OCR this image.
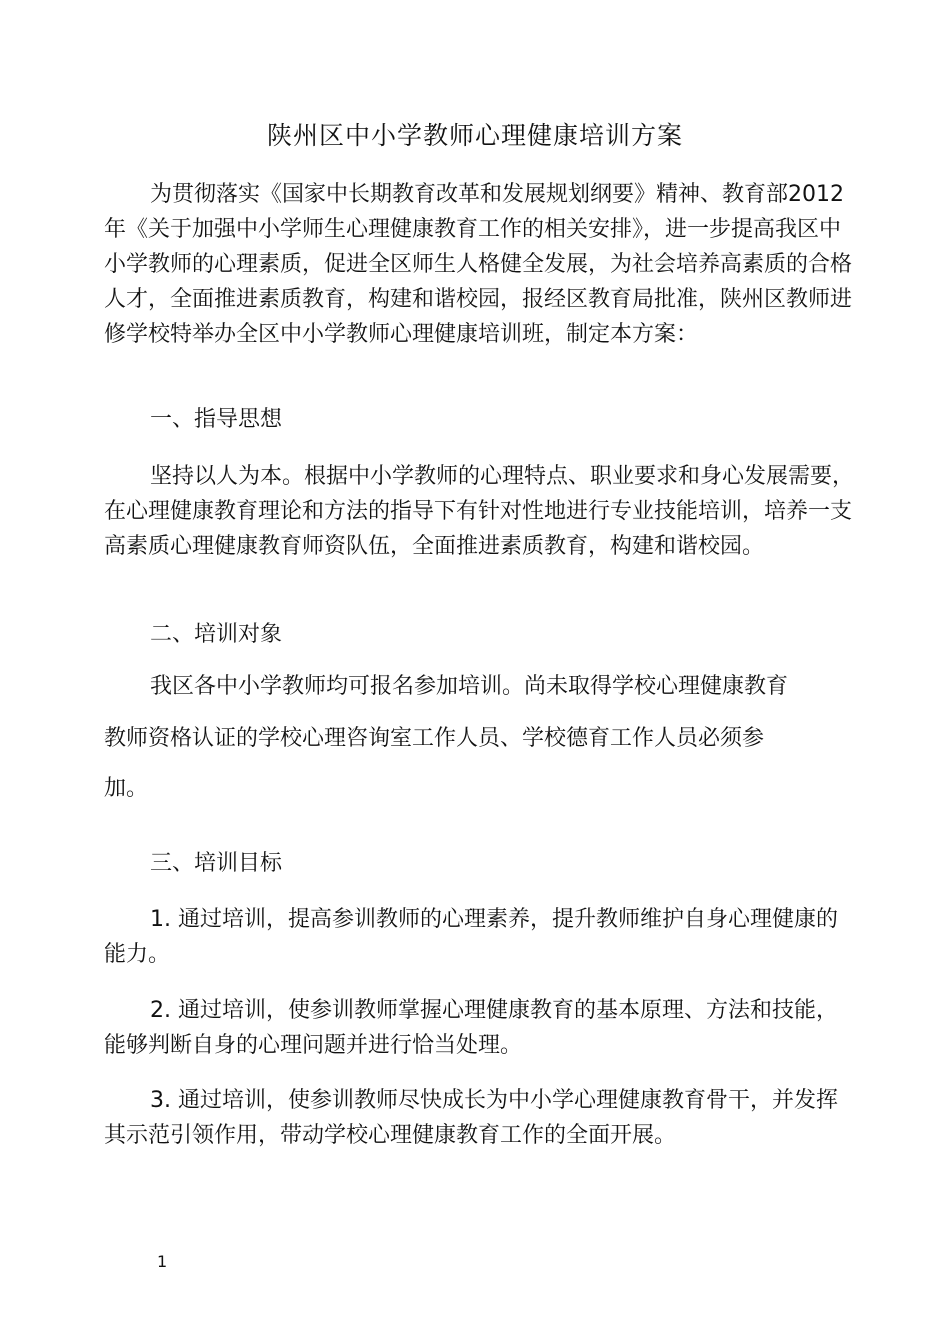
陕州区中小学教师心理健康培训方案

为贯彻落实《国家中长期教育改革和发展规划纲要》精神、教育部2012年《关于加强中小学师生心理健康教育工作的相关安排》，进一步提高我区中小学教师的心理素质，促进全区师生人格健全发展，为社会培养高素质的合格人才，全面推进素质教育，构建和谐校园，报经区教育局批准，陕州区教师进修学校特举办全区中小学教师心理健康培训班，制定本方案：

一、指导思想

坚持以人为本。根据中小学教师的心理特点、职业要求和身心发展需要，在心理健康教育理论和方法的指导下有针对性地进行专业技能培训，培养一支高素质心理健康教育师资队伍，全面推进素质教育，构建和谐校园。

二、培训对象
我区各中小学教师均可报名参加培训。尚未取得学校心理健康教育
教师资格认证的学校心理咨询室工作人员、学校德育工作人员必须参
加。
三、培训目标

1. 通过培训，提高参训教师的心理素养，提升教师维护自身心理健康的能力。

2. 通过培训，使参训教师掌握心理健康教育的基本原理、方法和技能，能够判断自身的心理问题并进行恰当处理。

3. 通过培训，使参训教师尽快成长为中小学心理健康教育骨干，并发挥其示范引领作用，带动学校心理健康教育工作的全面开展。

1
